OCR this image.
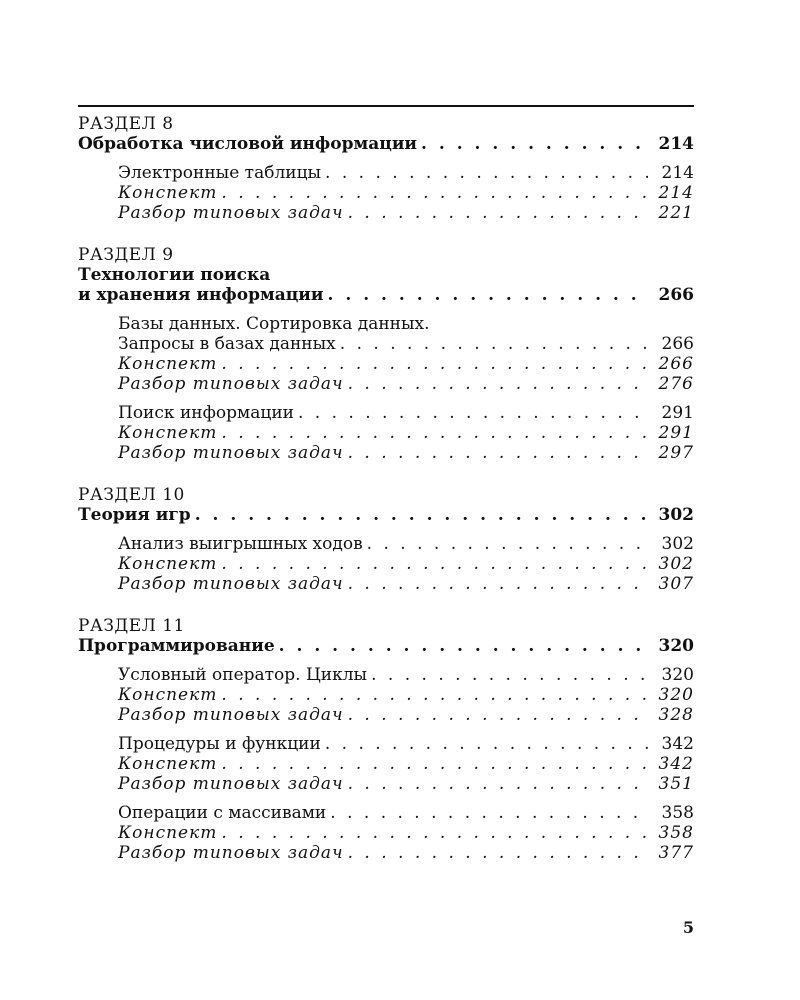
РАЗДЕЛ 8
Обработка числовой информации . . .	214
Электронные таблицы . . .	214
Конспект . . .	214
Разбор типовых задач . . .	221
РАЗДЕЛ 9
Технологии поиска
и хранения информации . . .	266
Базы данных. Сортировка данных.
Запросы в базах данных . . .	266
Конспект . . .	266
Разбор типовых задач . . .	276
Поиск информации . . .	291
Конспект . . .	291
Разбор типовых задач . . .	297
РАЗДЕЛ 10
Теория игр . . .	302
Анализ выигрышных ходов . . .	302
Конспект . . .	302
Разбор типовых задач . . .	307
РАЗДЕЛ 11
Программирование . . .	320
Условный оператор. Циклы . . .	320
Конспект . . .	320
Разбор типовых задач . . .	328
Процедуры и функции . . .	342
Конспект . . .	342
Разбор типовых задач . . .	351
Операции с массивами . . .	358
Конспект . . .	358
Разбор типовых задач . . .	377
5
